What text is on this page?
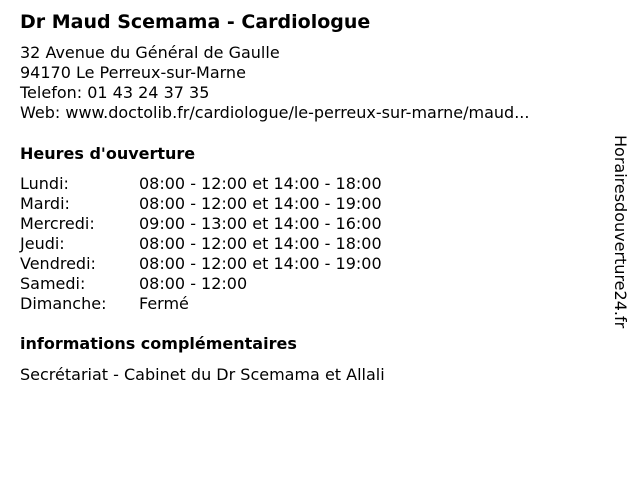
Dr Maud Scemama - Cardiologue
32 Avenue du Général de Gaulle
94170 Le Perreux-sur-Marne
Telefon: 01 43 24 37 35
Web: www.doctolib.fr/cardiologue/le-perreux-sur-marne/maud...
Heures d'ouverture
Lundi:	08:00 - 12:00 et 14:00 - 18:00
Mardi:	08:00 - 12:00 et 14:00 - 19:00
Mercredi:	09:00 - 13:00 et 14:00 - 16:00
Jeudi:	08:00 - 12:00 et 14:00 - 18:00
Vendredi:	08:00 - 12:00 et 14:00 - 19:00
Samedi:	08:00 - 12:00
Dimanche: Fermé
informations complémentaires
Secrétariat - Cabinet du Dr Scemama et Allali
Horairesdouverture24.fr
